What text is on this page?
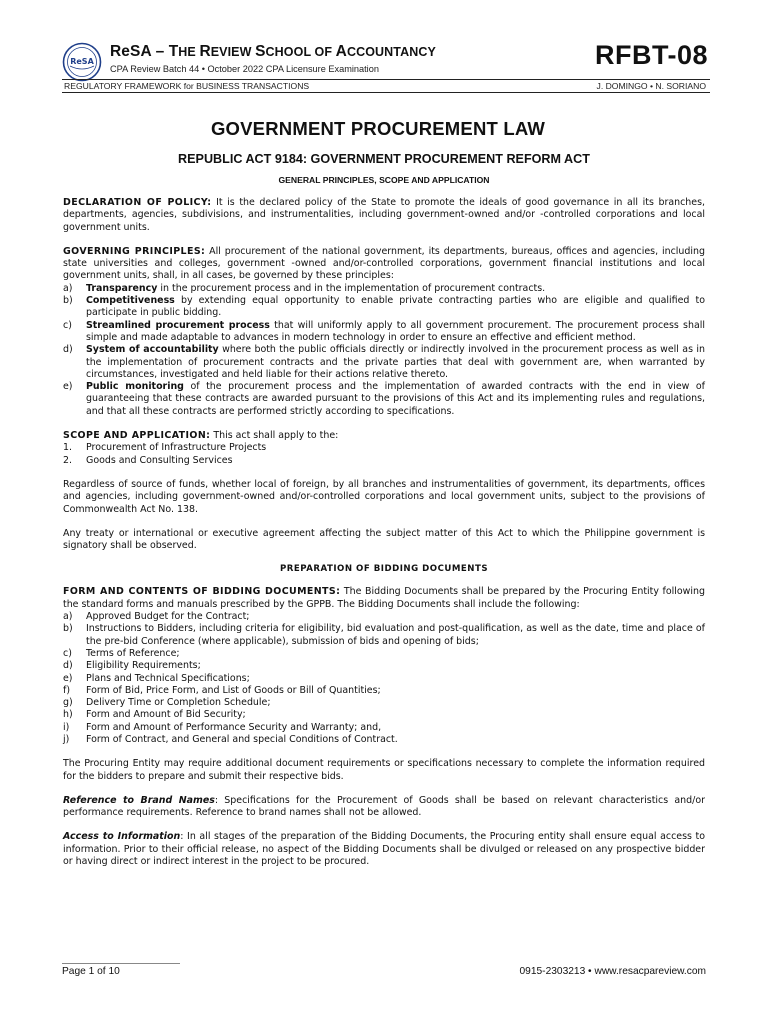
ReSA
ReSA – THE REVIEW SCHOOL OF ACCOUNTANCY
CPA Review Batch 44 • October 2022 CPA Licensure Examination	RFBT-08
REGULATORY FRAMEWORK for BUSINESS TRANSACTIONS	J. DOMINGO • N. SORIANO
GOVERNMENT PROCUREMENT LAW
REPUBLIC ACT 9184: GOVERNMENT PROCUREMENT REFORM ACT
GENERAL PRINCIPLES, SCOPE AND APPLICATION

DECLARATION OF POLICY: It is the declared policy of the State to promote the ideals of good governance in all its branches, departments, agencies, subdivisions, and instrumentalities, including government-owned and/or -controlled corporations and local government units.

GOVERNING PRINCIPLES: All procurement of the national government, its departments, bureaus, offices and agencies, including state universities and colleges, government -owned and/or-controlled corporations, government financial institutions and local government units, shall, in all cases, be governed by these principles:

a) Transparency in the procurement process and in the implementation of procurement contracts.
b) Competitiveness by extending equal opportunity to enable private contracting parties who are eligible and qualified to participate in public bidding.
c) Streamlined procurement process that will uniformly apply to all government procurement. The procurement process shall simple and made adaptable to advances in modern technology in order to ensure an effective and efficient method.
d) System of accountability where both the public officials directly or indirectly involved in the procurement process as well as in the implementation of procurement contracts and the private parties that deal with government are, when warranted by circumstances, investigated and held liable for their actions relative thereto.
e) Public monitoring of the procurement process and the implementation of awarded contracts with the end in view of guaranteeing that these contracts are awarded pursuant to the provisions of this Act and its implementing rules and regulations, and that all these contracts are performed strictly according to specifications.

SCOPE AND APPLICATION: This act shall apply to the:

1. Procurement of Infrastructure Projects
2. Goods and Consulting Services

Regardless of source of funds, whether local of foreign, by all branches and instrumentalities of government, its departments, offices and agencies, including government-owned and/or-controlled corporations and local government units, subject to the provisions of Commonwealth Act No. 138.

Any treaty or international or executive agreement affecting the subject matter of this Act to which the Philippine government is signatory shall be observed.

PREPARATION OF BIDDING DOCUMENTS

FORM AND CONTENTS OF BIDDING DOCUMENTS: The Bidding Documents shall be prepared by the Procuring Entity following the standard forms and manuals prescribed by the GPPB. The Bidding Documents shall include the following:

a) Approved Budget for the Contract;
b) Instructions to Bidders, including criteria for eligibility, bid evaluation and post-qualification, as well as the date, time and place of the pre-bid Conference (where applicable), submission of bids and opening of bids;
c) Terms of Reference;
d) Eligibility Requirements;
e) Plans and Technical Specifications;
f) Form of Bid, Price Form, and List of Goods or Bill of Quantities;
g) Delivery Time or Completion Schedule;
h) Form and Amount of Bid Security;
i) Form and Amount of Performance Security and Warranty; and,
j) Form of Contract, and General and special Conditions of Contract.

The Procuring Entity may require additional document requirements or specifications necessary to complete the information required for the bidders to prepare and submit their respective bids.

Reference to Brand Names: Specifications for the Procurement of Goods shall be based on relevant characteristics and/or performance requirements. Reference to brand names shall not be allowed.

Access to Information: In all stages of the preparation of the Bidding Documents, the Procuring entity shall ensure equal access to information. Prior to their official release, no aspect of the Bidding Documents shall be divulged or released on any prospective bidder or having direct or indirect interest in the project to be procured.

Page 1 of 10	0915-2303213 • www.resacpareview.com
